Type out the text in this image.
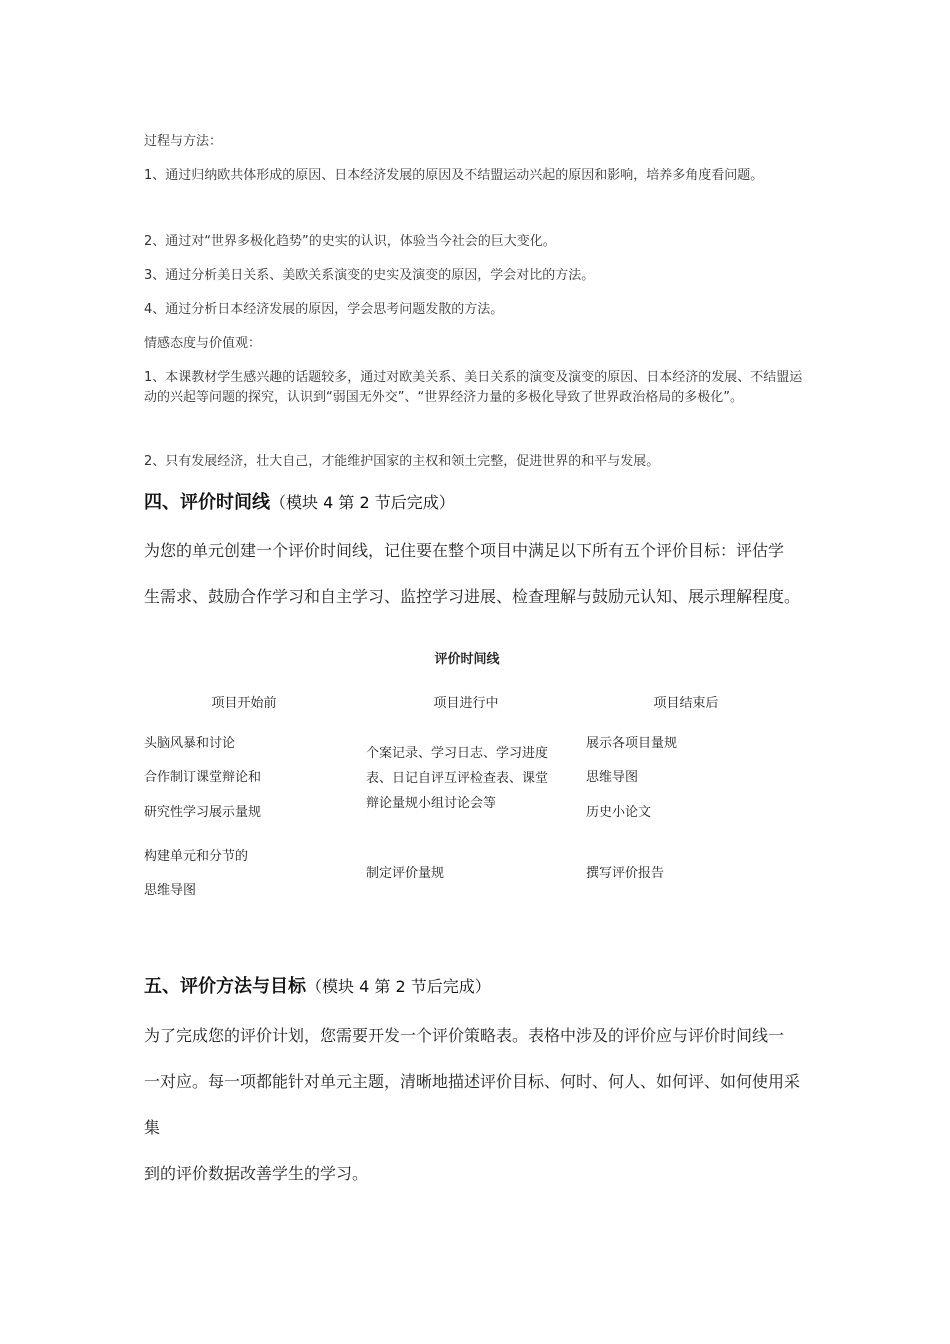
过程与方法：
1、通过归纳欧共体形成的原因、日本经济发展的原因及不结盟运动兴起的原因和影响，培养多角度看问题。
2、通过对“世界多极化趋势”的史实的认识，体验当今社会的巨大变化。
3、通过分析美日关系、美欧关系演变的史实及演变的原因，学会对比的方法。
4、通过分析日本经济发展的原因，学会思考问题发散的方法。
情感态度与价值观：
1、本课教材学生感兴趣的话题较多，通过对欧美关系、美日关系的演变及演变的原因、日本经济的发展、不结盟运动的兴起等问题的探究，认识到“弱国无外交”、“世界经济力量的多极化导致了世界政治格局的多极化”。
2、只有发展经济，壮大自己，才能维护国家的主权和领土完整，促进世界的和平与发展。
四、评价时间线（模块 4 第 2 节后完成）

为您的单元创建一个评价时间线，记住要在整个项目中满足以下所有五个评价目标：评估学

生需求、鼓励合作学习和自主学习、监控学习进展、检查理解与鼓励元认知、展示理解程度。

评价时间线
项目开始前	项目进行中	项目结束后
头脑风暴和讨论
合作制订课堂辩论和
研究性学习展示量规
构建单元和分节的
思维导图
个案记录、学习日志、学习进度
表、日记自评互评检查表、课堂
辩论量规小组讨论会等
制定评价量规
展示各项目量规
思维导图
历史小论文
撰写评价报告
五、评价方法与目标（模块 4 第 2 节后完成）

为了完成您的评价计划，您需要开发一个评价策略表。表格中涉及的评价应与评价时间线一

一对应。每一项都能针对单元主题，清晰地描述评价目标、何时、何人、如何评、如何使用采集

到的评价数据改善学生的学习。
